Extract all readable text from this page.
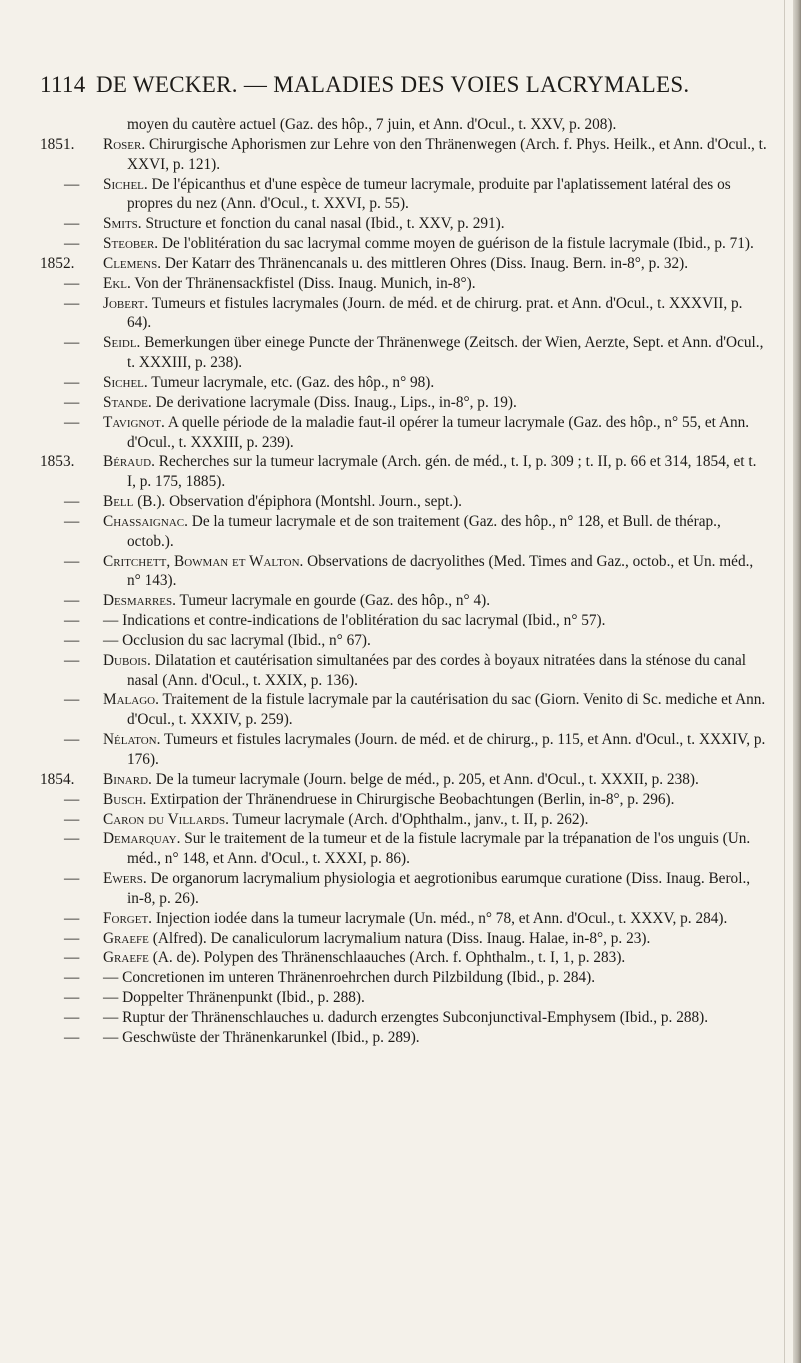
1114 DE WECKER. — MALADIES DES VOIES LACRYMALES.
moyen du cautère actuel (Gaz. des hôp., 7 juin, et Ann. d'Ocul., t. XXV, p. 208).
1851. Roser. Chirurgische Aphorismen zur Lehre von den Thränenwegen (Arch. f. Phys. Heilk., et Ann. d'Ocul., t. XXVI, p. 121).
— Sichel. De l'épicanthus et d'une espèce de tumeur lacrymale, produite par l'aplatissement latéral des os propres du nez (Ann. d'Ocul., t. XXVI, p. 55).
— Smits. Structure et fonction du canal nasal (Ibid., t. XXV, p. 291).
— Steober. De l'oblitération du sac lacrymal comme moyen de guérison de la fistule lacrymale (Ibid., p. 71).
1852. Clemens. Der Katarr des Thränencanals u. des mittleren Ohres (Diss. Inaug. Bern. in-8°, p. 32).
— Ekl. Von der Thränensackfistel (Diss. Inaug. Munich, in-8°).
— Jobert. Tumeurs et fistules lacrymales (Journ. de méd. et de chirurg. prat. et Ann. d'Ocul., t. XXXVII, p. 64).
— Seidl. Bemerkungen über einege Puncte der Thränenwege (Zeitsch. der Wien, Aerzte, Sept. et Ann. d'Ocul., t. XXXIII, p. 238).
— Sichel. Tumeur lacrymale, etc. (Gaz. des hôp., n° 98).
— Stande. De derivatione lacrymale (Diss. Inaug., Lips., in-8°, p. 19).
— Tavignot. A quelle période de la maladie faut-il opérer la tumeur lacrymale (Gaz. des hôp., n° 55, et Ann. d'Ocul., t. XXXIII, p. 239).
1853. Béraud. Recherches sur la tumeur lacrymale (Arch. gén. de méd., t. I, p. 309 ; t. II, p. 66 et 314, 1854, et t. I, p. 175, 1885).
— Bell (B.). Observation d'épiphora (Montshl. Journ., sept.).
— Chassaignac. De la tumeur lacrymale et de son traitement (Gaz. des hôp., n° 128, et Bull. de thérap., octob.).
— Critchett, Bowman et Walton. Observations de dacryolithes (Med. Times and Gaz., octob., et Un. méd., n° 143).
— Desmarres. Tumeur lacrymale en gourde (Gaz. des hôp., n° 4).
— — Indications et contre-indications de l'oblitération du sac lacrymal (Ibid., n° 57).
— — Occlusion du sac lacrymal (Ibid., n° 67).
— Dubois. Dilatation et cautérisation simultanées par des cordes à boyaux nitratées dans la sténose du canal nasal (Ann. d'Ocul., t. XXIX, p. 136).
— Malago. Traitement de la fistule lacrymale par la cautérisation du sac (Giorn. Venito di Sc. mediche et Ann. d'Ocul., t. XXXIV, p. 259).
— Nélaton. Tumeurs et fistules lacrymales (Journ. de méd. et de chirurg., p. 115, et Ann. d'Ocul., t. XXXIV, p. 176).
1854. Binard. De la tumeur lacrymale (Journ. belge de méd., p. 205, et Ann. d'Ocul., t. XXXII, p. 238).
— Busch. Extirpation der Thränendruese in Chirurgische Beobachtungen (Berlin, in-8°, p. 296).
— Caron du Villards. Tumeur lacrymale (Arch. d'Ophthalm., janv., t. II, p. 262).
— Demarquay. Sur le traitement de la tumeur et de la fistule lacrymale par la trépanation de l'os unguis (Un. méd., n° 148, et Ann. d'Ocul., t. XXXI, p. 86).
— Ewers. De organorum lacrymalium physiologia et aegrotionibus earumque curatione (Diss. Inaug. Berol., in-8, p. 26).
— Forget. Injection iodée dans la tumeur lacrymale (Un. méd., n° 78, et Ann. d'Ocul., t. XXXV, p. 284).
— Graefe (Alfred). De canaliculorum lacrymalium natura (Diss. Inaug. Halae, in-8°, p. 23).
— Graefe (A. de). Polypen des Thränenschlaauches (Arch. f. Ophthalm., t. I, 1, p. 283).
— — Concretionen im unteren Thränenroehrchen durch Pilzbildung (Ibid., p. 284).
— — Doppelter Thränenpunkt (Ibid., p. 288).
— — Ruptur der Thränenschlauches u. dadurch erzengtes Subconjunctival-Emphysem (Ibid., p. 288).
— — Geschwüste der Thränenkarunkel (Ibid., p. 289).
